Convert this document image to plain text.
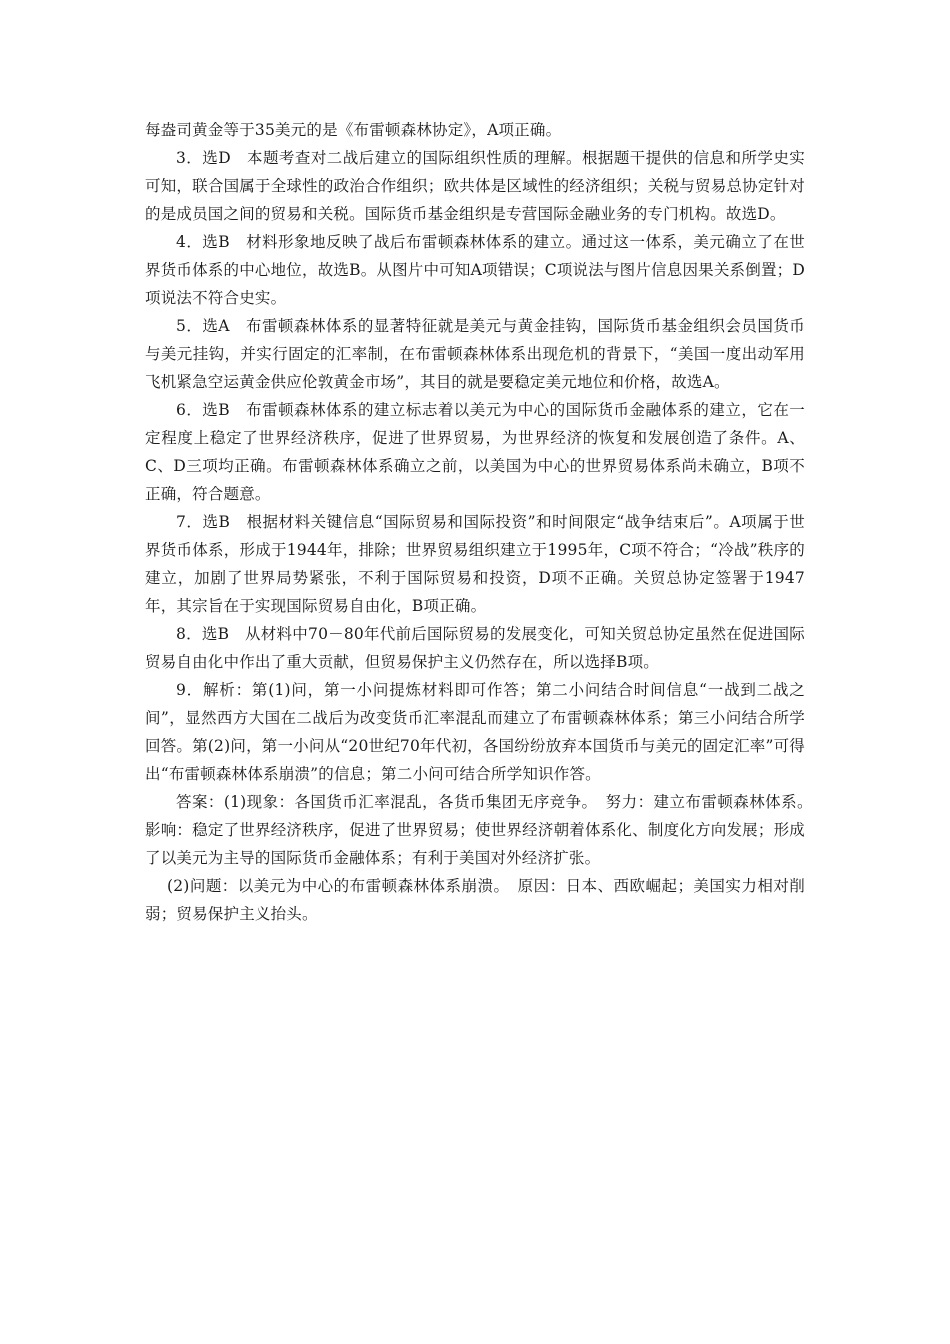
每盎司黄金等于35美元的是《布雷顿森林协定》，A项正确。

3．选D　本题考查对二战后建立的国际组织性质的理解。根据题干提供的信息和所学史实可知，联合国属于全球性的政治合作组织；欧共体是区域性的经济组织；关税与贸易总协定针对的是成员国之间的贸易和关税。国际货币基金组织是专营国际金融业务的专门机构。故选D。

4．选B　材料形象地反映了战后布雷顿森林体系的建立。通过这一体系，美元确立了在世界货币体系的中心地位，故选B。从图片中可知A项错误；C项说法与图片信息因果关系倒置；D项说法不符合史实。

5．选A　布雷顿森林体系的显著特征就是美元与黄金挂钩，国际货币基金组织会员国货币与美元挂钩，并实行固定的汇率制，在布雷顿森林体系出现危机的背景下，“美国一度出动军用飞机紧急空运黄金供应伦敦黄金市场”，其目的就是要稳定美元地位和价格，故选A。

6．选B　布雷顿森林体系的建立标志着以美元为中心的国际货币金融体系的建立，它在一定程度上稳定了世界经济秩序，促进了世界贸易，为世界经济的恢复和发展创造了条件。A、C、D三项均正确。布雷顿森林体系确立之前，以美国为中心的世界贸易体系尚未确立，B项不正确，符合题意。

7．选B　根据材料关键信息“国际贸易和国际投资”和时间限定“战争结束后”。A项属于世界货币体系，形成于1944年，排除；世界贸易组织建立于1995年，C项不符合；“冷战”秩序的建立，加剧了世界局势紧张，不利于国际贸易和投资，D项不正确。关贸总协定签署于1947年，其宗旨在于实现国际贸易自由化，B项正确。

8．选B　从材料中70－80年代前后国际贸易的发展变化，可知关贸总协定虽然在促进国际贸易自由化中作出了重大贡献，但贸易保护主义仍然存在，所以选择B项。

9．解析：第(1)问，第一小问提炼材料即可作答；第二小问结合时间信息“一战到二战之间”，显然西方大国在二战后为改变货币汇率混乱而建立了布雷顿森林体系；第三小问结合所学回答。第(2)问，第一小问从“20世纪70年代初，各国纷纷放弃本国货币与美元的固定汇率”可得出“布雷顿森林体系崩溃”的信息；第二小问可结合所学知识作答。

答案：(1)现象：各国货币汇率混乱，各货币集团无序竞争。　努力：建立布雷顿森林体系。　影响：稳定了世界经济秩序，促进了世界贸易；使世界经济朝着体系化、制度化方向发展；形成了以美元为主导的国际货币金融体系；有利于美国对外经济扩张。

(2)问题：以美元为中心的布雷顿森林体系崩溃。　原因：日本、西欧崛起；美国实力相对削弱；贸易保护主义抬头。
